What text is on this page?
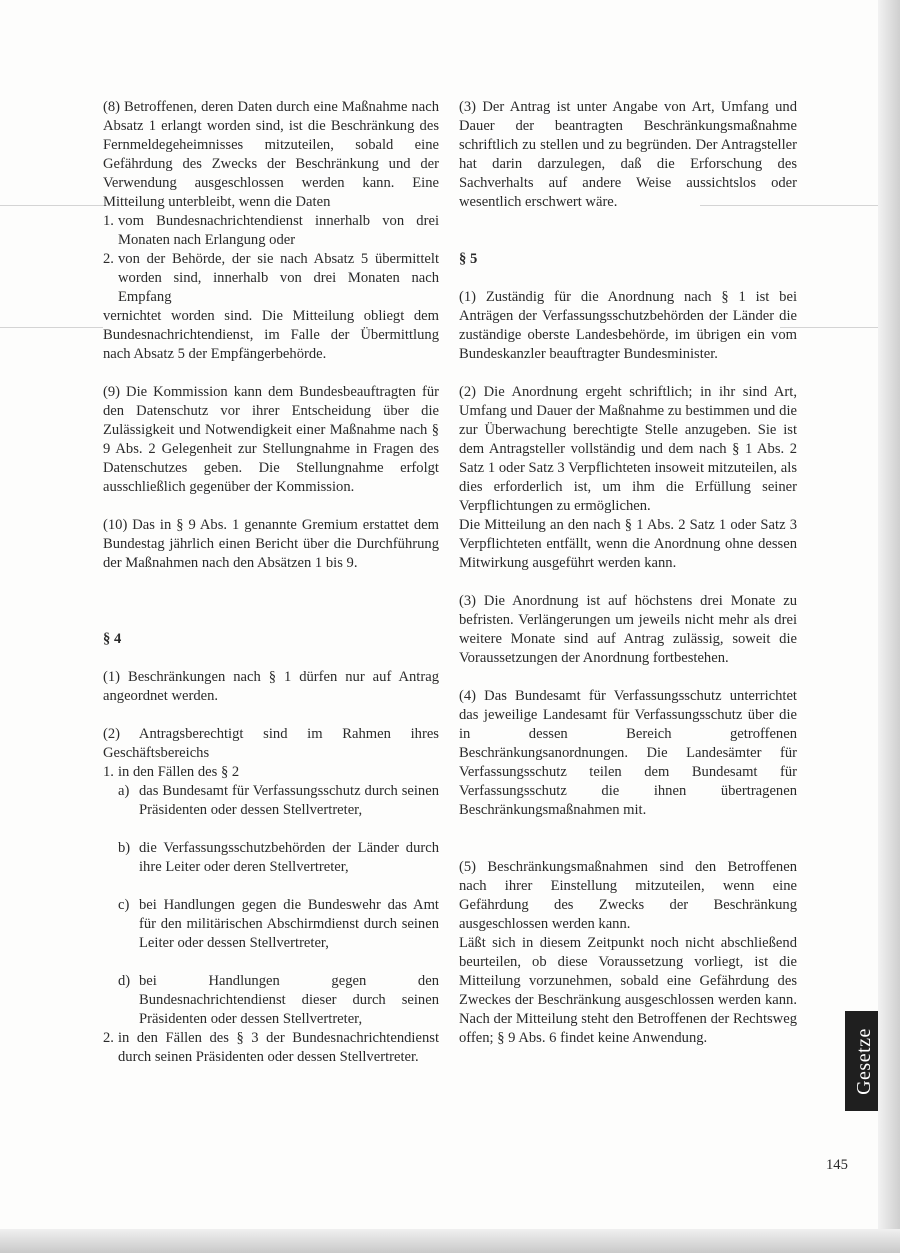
(8) Betroffenen, deren Daten durch eine Maßnahme nach Absatz 1 erlangt worden sind, ist die Beschränkung des Fernmeldegeheimnisses mitzuteilen, sobald eine Gefährdung des Zwecks der Beschränkung und der Verwendung ausgeschlossen werden kann. Eine Mitteilung unterbleibt, wenn die Daten

1. vom Bundesnachrichtendienst innerhalb von drei Monaten nach Erlangung oder
2. von der Behörde, der sie nach Absatz 5 übermittelt worden sind, innerhalb von drei Monaten nach Empfang

vernichtet worden sind. Die Mitteilung obliegt dem Bundesnachrichtendienst, im Falle der Übermittlung nach Absatz 5 der Empfängerbehörde.

(9) Die Kommission kann dem Bundesbeauftragten für den Datenschutz vor ihrer Entscheidung über die Zulässigkeit und Notwendigkeit einer Maßnahme nach § 9 Abs. 2 Gelegenheit zur Stellungnahme in Fragen des Datenschutzes geben. Die Stellungnahme erfolgt ausschließlich gegenüber der Kommission.

(10) Das in § 9 Abs. 1 genannte Gremium erstattet dem Bundestag jährlich einen Bericht über die Durchführung der Maßnahmen nach den Absätzen 1 bis 9.

§ 4

(1) Beschränkungen nach § 1 dürfen nur auf Antrag angeordnet werden.

(2) Antragsberechtigt sind im Rahmen ihres Geschäftsbereichs

1. in den Fällen des § 2
a) das Bundesamt für Verfassungsschutz durch seinen Präsidenten oder dessen Stellvertreter,
b) die Verfassungsschutzbehörden der Länder durch ihre Leiter oder deren Stellvertreter,
c) bei Handlungen gegen die Bundeswehr das Amt für den militärischen Abschirmdienst durch seinen Leiter oder dessen Stellvertreter,
d) bei Handlungen gegen den Bundesnachrichtendienst dieser durch seinen Präsidenten oder dessen Stellvertreter,
2. in den Fällen des § 3 der Bundesnachrichtendienst durch seinen Präsidenten oder dessen Stellvertreter.

(3) Der Antrag ist unter Angabe von Art, Umfang und Dauer der beantragten Beschränkungsmaßnahme schriftlich zu stellen und zu begründen. Der Antragsteller hat darin darzulegen, daß die Erforschung des Sachverhalts auf andere Weise aussichtslos oder wesentlich erschwert wäre.

§ 5

(1) Zuständig für die Anordnung nach § 1 ist bei Anträgen der Verfassungsschutzbehörden der Länder die zuständige oberste Landesbehörde, im übrigen ein vom Bundeskanzler beauftragter Bundesminister.

(2) Die Anordnung ergeht schriftlich; in ihr sind Art, Umfang und Dauer der Maßnahme zu bestimmen und die zur Überwachung berechtigte Stelle anzugeben. Sie ist dem Antragsteller vollständig und dem nach § 1 Abs. 2 Satz 1 oder Satz 3 Verpflichteten insoweit mitzuteilen, als dies erforderlich ist, um ihm die Erfüllung seiner Verpflichtungen zu ermöglichen.

Die Mitteilung an den nach § 1 Abs. 2 Satz 1 oder Satz 3 Verpflichteten entfällt, wenn die Anordnung ohne dessen Mitwirkung ausgeführt werden kann.

(3) Die Anordnung ist auf höchstens drei Monate zu befristen. Verlängerungen um jeweils nicht mehr als drei weitere Monate sind auf Antrag zulässig, soweit die Voraussetzungen der Anordnung fortbestehen.

(4) Das Bundesamt für Verfassungsschutz unterrichtet das jeweilige Landesamt für Verfassungsschutz über die in dessen Bereich getroffenen Beschränkungsanordnungen. Die Landesämter für Verfassungsschutz teilen dem Bundesamt für Verfassungsschutz die ihnen übertragenen Beschränkungsmaßnahmen mit.

(5) Beschränkungsmaßnahmen sind den Betroffenen nach ihrer Einstellung mitzuteilen, wenn eine Gefährdung des Zwecks der Beschränkung ausgeschlossen werden kann.

Läßt sich in diesem Zeitpunkt noch nicht abschließend beurteilen, ob diese Voraussetzung vorliegt, ist die Mitteilung vorzunehmen, sobald eine Gefährdung des Zweckes der Beschränkung ausgeschlossen werden kann. Nach der Mitteilung steht den Betroffenen der Rechtsweg offen; § 9 Abs. 6 findet keine Anwendung.	Gesetze
145
